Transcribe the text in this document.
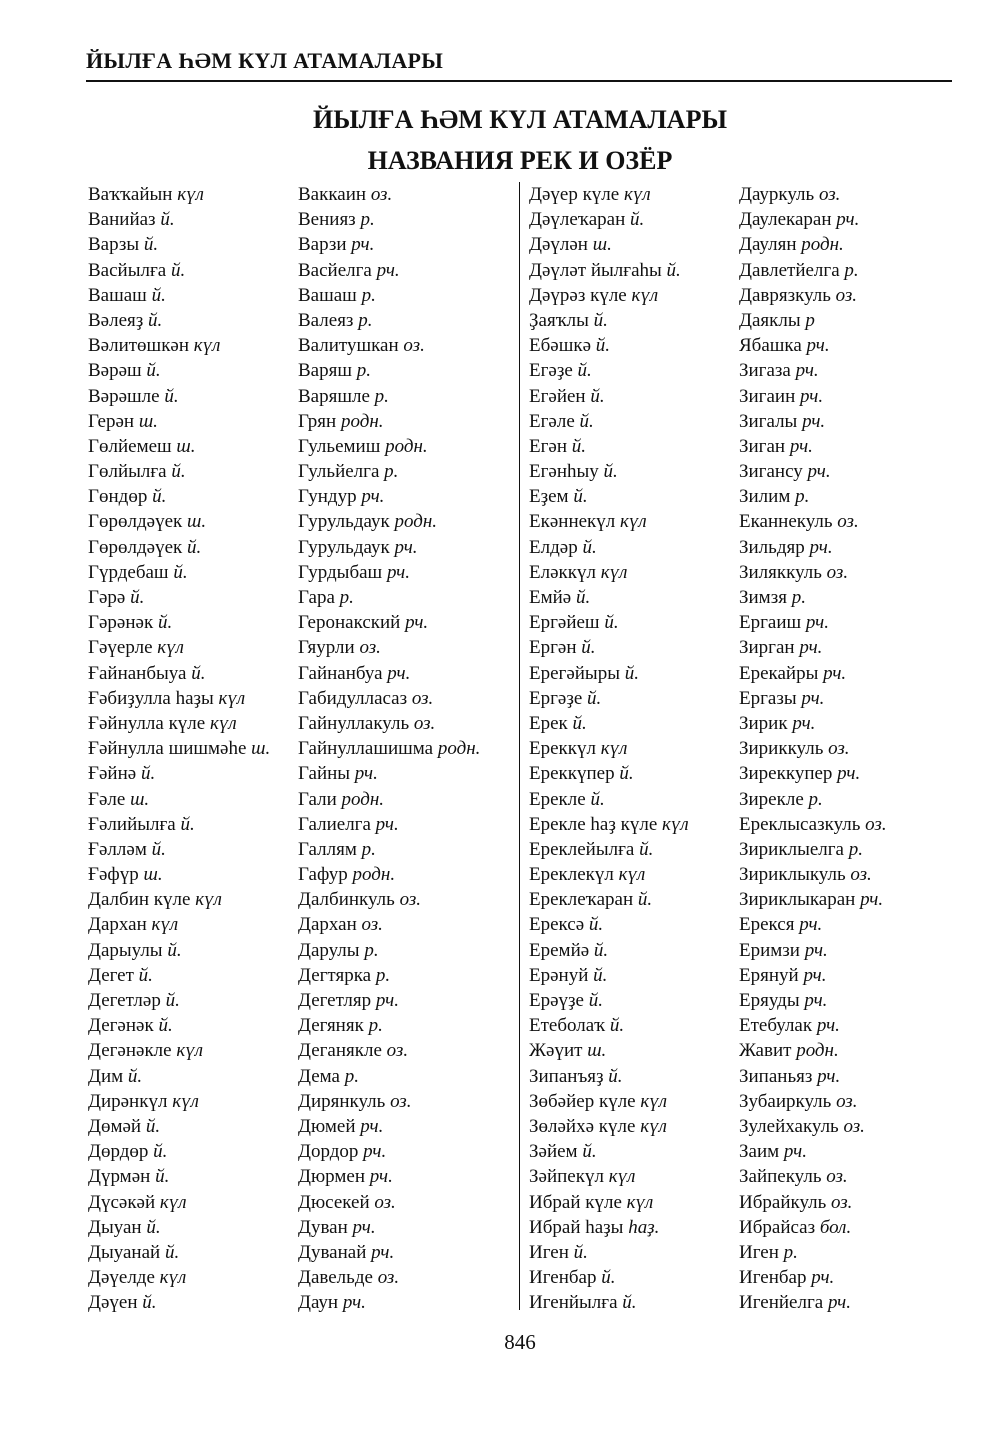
ЙЫЛҒА ҺӘМ КҮЛ АТАМАЛАРЫ
ЙЫЛҒА ҺӘМ КҮЛ АТАМАЛАРЫ
НАЗВАНИЯ РЕК И ОЗЁР
Ваҡҡайын күл
Ванийаз й.
Варзы й.
Васйылға й.
Вашаш й.
Вәлеяҙ й.
Вәлитөшкән күл
Вәрәш й.
Вәрәшле й.
Герән ш.
Гөлйемеш ш.
Гөлйылға й.
Гөндөр й.
Гөрөлдәүек ш.
Гөрөлдәүек й.
Гүрдебаш й.
Гәрә й.
Гәрәнәк й.
Гәүерле күл
Ғайнанбыуа й.
Ғәбиҙулла һаҙы күл
Ғәйнулла күле күл
Ғәйнулла шишмәһе ш.
Ғәйнә й.
Ғәле ш.
Ғәлийылға й.
Ғәлләм й.
Ғәфүр ш.
Далбин күле күл
Дархан күл
Дарыулы й.
Дегет й.
Дегетләр й.
Дегәнәк й.
Дегәнәкле күл
Дим й.
Дирәнкүл күл
Дөмәй й.
Дөрдөр й.
Дүрмән й.
Дүсәкәй күл
Дыуан й.
Дыуанай й.
Дәүелде күл
Дәүен й.
Ваккаин оз.
Венияз р.
Варзи рч.
Васйелга рч.
Вашаш р.
Валеяз р.
Валитушкан оз.
Варяш р.
Варяшле р.
Грян родн.
Гульемиш родн.
Гульйелга р.
Гундур рч.
Гурульдаук родн.
Гурульдаук рч.
Гурдыбаш рч.
Гара р.
Геронакский рч.
Гяурли оз.
Гайнанбуа рч.
Габидулласаз оз.
Гайнуллакуль оз.
Гайнуллашишма родн.
Гайны рч.
Гали родн.
Галиелга рч.
Галлям р.
Гафур родн.
Далбинкуль оз.
Дархан оз.
Дарулы р.
Дегтярка р.
Дегетляр рч.
Дегяняк р.
Деганякле оз.
Дема р.
Дирянкуль оз.
Дюмей рч.
Дордор рч.
Дюрмен рч.
Дюсекей оз.
Дуван рч.
Дуванай рч.
Давельде оз.
Даун рч.
Дәүер күле күл
Дәүлеҡаран й.
Дәүлән ш.
Дәүләт йылғаһы й.
Дәүрәз күле күл
Ҙаяҡлы й.
Ебәшкә й.
Егәҙе й.
Егәйен й.
Егәле й.
Егән й.
Егәнһыу й.
Еҙем й.
Екәннекүл күл
Елдәр й.
Еләккүл күл
Емйә й.
Ергәйеш й.
Ергән й.
Ерегәйыры й.
Ергәҙе й.
Ерек й.
Ереккүл күл
Ереккүпер й.
Ерекле й.
Ерекле һаҙ күле күл
Ереклейылға й.
Ереклекүл күл
Ереклеҡаран й.
Ерексә й.
Еремйә й.
Ерәнуй й.
Ерәүҙе й.
Етеболаҡ й.
Жәүит ш.
Зипанъяҙ й.
Зөбәйер күле күл
Зөләйхә күле күл
Зәйем й.
Зәйпекүл күл
Ибрай күле күл
Ибрай һаҙы һаҙ.
Иген й.
Игенбар й.
Игенйылға й.
Дауркуль оз.
Даулекаран рч.
Даулян родн.
Давлетйелга р.
Даврязкуль оз.
Даяклы р
Ябашка рч.
Зигаза рч.
Зигаин рч.
Зигалы рч.
Зиган рч.
Зигансу рч.
Зилим р.
Еканнекуль оз.
Зильдяр рч.
Зиляккуль оз.
Зимзя р.
Ергаиш рч.
Зирган рч.
Ерекайры рч.
Ергазы рч.
Зирик рч.
Зириккуль оз.
Зиреккупер рч.
Зирекле р.
Ереклысазкуль оз.
Зириклыелга р.
Зириклыкуль оз.
Зириклыкаран рч.
Ерекся рч.
Еримзи рч.
Ерянуй рч.
Еряуды рч.
Етебулак рч.
Жавит родн.
Зипаньяз рч.
Зубаиркуль оз.
Зулейхакуль оз.
Заим рч.
Зайпекуль оз.
Ибрайкуль оз.
Ибрайсаз бол.
Иген р.
Игенбар рч.
Игенйелга рч.
846
